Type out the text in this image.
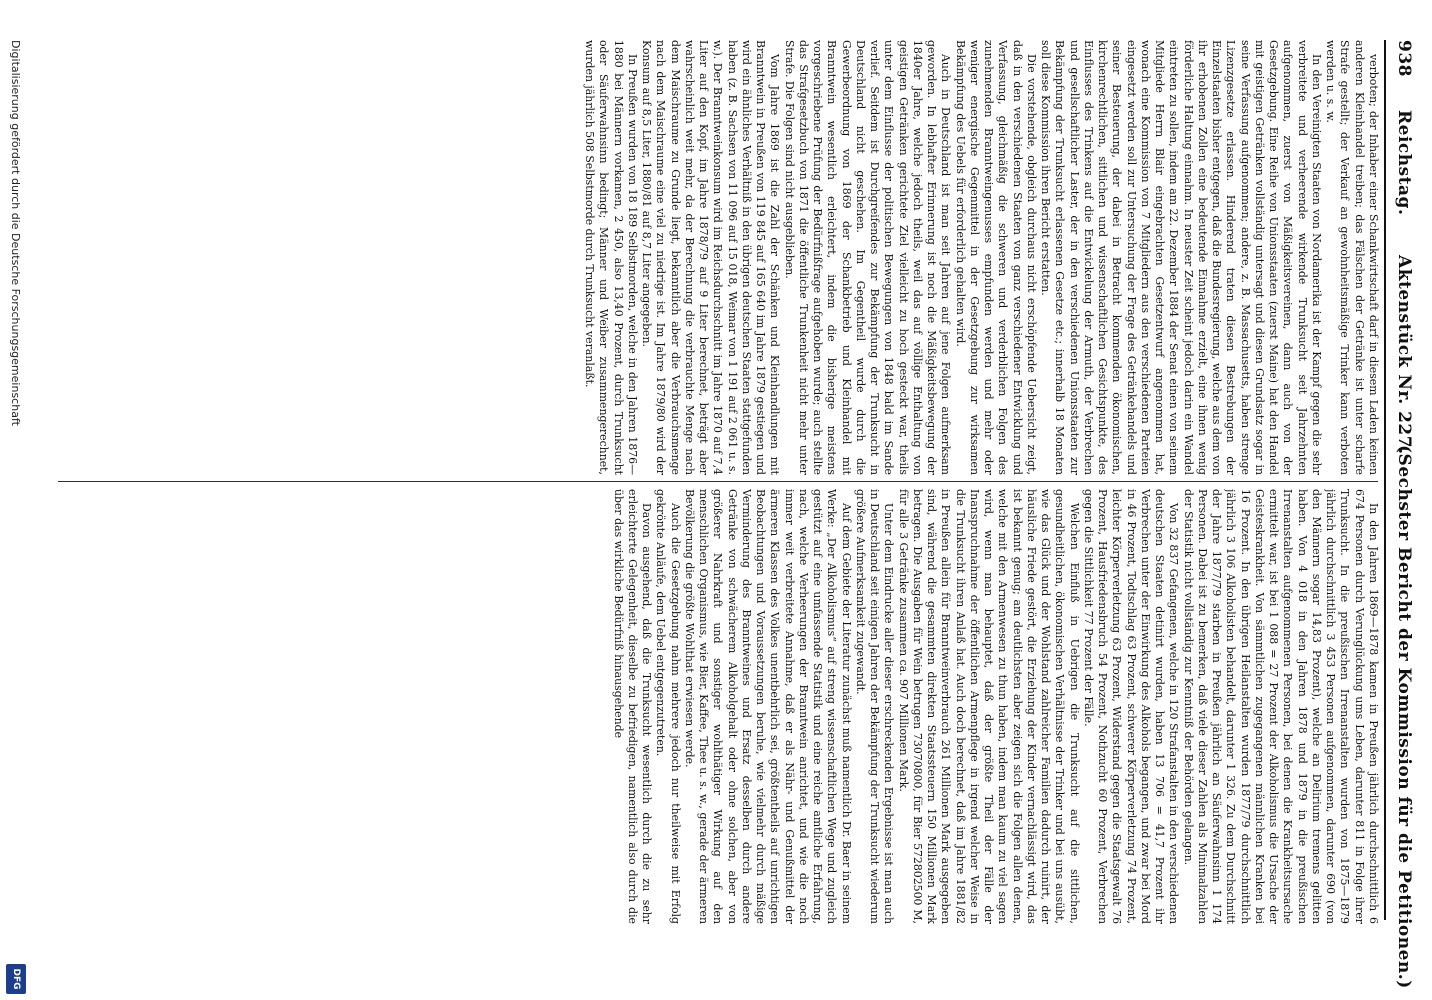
938
Reichstag.
Aktenstück Nr. 227.
(Sechster Bericht der Kommission für die Petitionen.)

verboten; der Inhaber einer Schankwirtschaft darf in diesem Laden keinen anderen Kleinhandel treiben; das Fälschen der Getränke ist unter scharfe Strafe gestellt; der Verkauf an gewohnheitsmäßige Trinker kann verboten werden u. s. w.

In den Vereinigten Staaten von Nordamerika ist der Kampf gegen die sehr verbreitete und verheerende wirkende Trunksucht seit Jahrzehnten aufgenommen, zuerst von Mäßigkeitsvereinen, dann auch von der Gesetzgebung. Eine Reihe von Unionsstaaten (zuerst Maine) hat den Handel mit geistigen Getränken vollständig untersagt und diesen Grundsatz sogar in seine Verfassung aufgenommen; andere, z. B. Massachusetts, haben strenge Lizenzgesetze erlassen. Hinderend traten diesen Bestrebungen der Einzelstaaten bisher entgegen, daß die Bundesregierung, welche aus dem von ihr erhobenen Zollen eine bedeutende Einnahme erzielt, eine ihnen wenig förderliche Haltung einnahm. In neuster Zeit scheint jedoch darin ein Wandel eintreten zu sollen, indem am 22. Dezember 1884 der Senat einen von seinem Mitgliede Herrn Blair eingebrachten Gesetzentwurf angenommen hat, wonach eine Kommission von 7 Mitgliedern aus den verschiedenen Parteien eingesetzt werden soll zur Untersuchung der Frage des Getränkehandels und seiner Besteuerung, der dabei in Betracht kommenden ökonomischen, kirchenrechtlichen, sittlichen und wissenschaftlichen Gesichtspunkte, des Einflusses des Trinkens auf die Entwickelung der Armuth, der Verbrechen und gesellschaftlicher Laster, der in den verschiedenen Unionsstaaten zur Bekämpfung der Trunksucht erlassenen Gesetze etc.; innerhalb 18 Monaten soll diese Kommission ihren Bericht erstatten.

Die vorstehende, obgleich durchaus nicht erschöpfende Uebersicht zeigt, daß in den verschiedenen Staaten von ganz verschiedener Entwicklung und Verfassung, gleichmäßig die schweren und verderblichen Folgen des zunehmenden Branntweingenusses empfunden werden und mehr oder weniger energische Gegenmittel in der Gesetzgebung zur wirksamen Bekämpfung des Uebels für erforderlich gehalten wird.

Auch in Deutschland ist man seit Jahren auf jene Folgen aufmerksam geworden. In lebhafter Erinnerung ist noch die Mäßigkeitsbewegung der 1840er Jahre, welche jedoch theils, weil das auf völlige Enthaltung von geistigen Getränken gerichtete Ziel vielleicht zu hoch gesteckt war, theils unter dem Einflusse der politischen Bewegungen von 1848 bald im Sande verlief. Seitdem ist Durchgreifendes zur Bekämpfung der Trunksucht in Deutschland nicht geschehen. Im Gegentheil wurde durch die Gewerbeordnung von 1869 der Schankbetrieb und Kleinhandel mit Branntwein wesentlich erleichtert, indem die bisherige meistens vorgeschriebene Prüfung der Bedürfnißfrage aufgehoben wurde; auch stellte das Strafgesetzbuch von 1871 die öffentliche Trunkenheit nicht mehr unter Strafe. Die Folgen sind nicht ausgeblieben.

Vom Jahre 1869 ist die Zahl der Schänken und Kleinhandlungen mit Branntwein in Preußen von 119 845 auf 165 640 im Jahre 1879 gestiegen und wird ein ähnliches Verhältniß in den übrigen deutschen Staaten stattgefunden haben (z. B. Sachsen von 11 096 auf 15 018, Weimar von 1 191 auf 2 061 u. s. w.). Der Branntweinkonsum wird im Reichsdurchschnitt im Jahre 1870 auf 7,4 Liter auf den Kopf, im Jahre 1878/79 auf 9 Liter berechnet, beträgt aber wahrscheinlich weit mehr, da der Berechnung die verbrauchte Menge nach dem Maischraume zu Grunde liegt, bekanntlich aber die Verbrauchsmenge nach dem Maischraume eine viel zu niedrige ist. Im Jahre 1879/80 wird der Konsum auf 8,5 Liter, 1880/81 auf 8,7 Liter angegeben.

In Preußen wurden von 18 189 Selbstmorden, welche in den Jahren 1876—1880 bei Männern vorkamen, 2 450, also 13,40 Prozent, durch Trunksucht oder Säuferwahnsinn bedingt; Männer und Weiber zusammengerechnet, wurden jährlich 508 Selbstmorde durch Trunksucht veranlaßt.

In den Jahren 1869—1878 kamen in Preußen jährlich durchschnittlich 6 674 Personen durch Verunglückung ums Leben, darunter 811 in Folge ihrer Trunksucht. In die preußischen Irrenanstalten wurden von 1875—1879 jährlich durchschnittlich 3 453 Personen aufgenommen, darunter 690 (von den Männern sogar 14,83 Prozent), welche an Delirium tremens gelitten haben. Von 4 018 in den Jahren 1878 und 1879 in die preußischen Irrenanstalten aufgenommenen Personen, bei denen die Krankheitsursache ermittelt war, ist bei 1 088 = 27 Prozent der Alkoholismus die Ursache der Geisteskrankheit. Von sämmtlichen zugegangenen männlichen Kranken bei 16 Prozent. In den übrigen Heilanstalten wurden 1877/79 durchschnittlich jährlich 3 106 Alkoholisten behandelt, darunter 1 326. Zu dem Durchschnitt der Jahre 1877/79 starben in Preußen jährlich an Säuferwahnsinn 1 174 Personen. Dabei ist zu bemerken, daß viele dieser Zahlen als Minimalzahlen der Statistik nicht vollständig zur Kenntniß der Behörden gelangen.

Von 32 837 Gefangenen, welche in 120 Strafanstalten in den verschiedenen deutschen Staaten detinirt wurden, haben 13 706 = 41,7 Prozent ihr Verbrechen unter der Einwirkung des Alkohols begangen, und zwar bei Mord in 46 Prozent, Todtschlag 63 Prozent, schwerer Körperverletzung 74 Prozent, leichter Körperverletzung 63 Prozent, Widerstand gegen die Staatsgewalt 76 Prozent, Hausfriedensbruch 54 Prozent, Nothzucht 60 Prozent, Verbrechen gegen die Sittlichkeit 77 Prozent der Fälle.

Welchen Einfluß in Uebrigen die Trunksucht auf die sittlichen, gesundheitlichen, ökonomischen Verhältnisse der Trinker und bei uns ausübt, wie das Glück und der Wohlstand zahlreicher Familien dadurch ruinirt, der häusliche Friede gestört, die Erziehung der Kinder vernachlässigt wird, das ist bekannt genug; am deutlichsten aber zeigen sich die Folgen allen denen, welche mit den Armenwesen zu thun haben, indem man kaum zu viel sagen wird, wenn man behauptet, daß der größte Theil der Fälle der Inanspruchnahme der öffentlichen Armenpflege in irgend welcher Weise in die Trunksucht ihren Anlaß hat. Auch doch berechnet, daß im Jahre 1881/82 in Preußen allein für Branntweinverbrauch 261 Millionen Mark ausgegeben sind, während die gesammten direkten Staatssteuern 150 Millionen Mark betragen. Die Ausgaben für Wein betrugen 73070800, für Bier 572802500 M, für alle 3 Getränke zusammen ca. 907 Millionen Mark.

Unter dem Eindrucke aller dieser erschreckenden Ergebnisse ist man auch in Deutschland seit einigen Jahren der Bekämpfung der Trunksucht wiederum größere Aufmerksamkeit zugewandt.

Auf dem Gebiete der Literatur zunächst muß namentlich Dr. Baer in seinem Werke: „Der Alkoholismus“ auf streng wissenschaftlichen Wege und zugleich gestützt auf eine umfassende Statistik und eine reiche amtliche Erfahrung, nach, welche Verheerungen der Branntwein anrichtet, und wie die noch immer weit verbreitete Annahme, daß er als Nähr- und Genußmittel der ärmeren Klassen des Volkes unentbehrlich sei, größtentheils auf unrichtigen Beobachtungen und Voraussetzungen beruhe, wie vielmehr durch mäßige Verminderung des Branntweines und Ersatz desselben durch andere Getränke von schwächerem Alkoholgehalt oder ohne solchen, aber von größerer Nahrkraft und sonstiger wohlthätiger Wirkung auf den menschlichen Organismus, wie Bier, Kaffee, Thee u. s. w., gerade der ärmeren Bevölkerung die größte Wohlthat erwiesen werde.

Auch die Gesetzgebung nahm mehrere jedoch nur theilweise mit Erfolg gekrönte Anläufe, dem Uebel entgegenzutreten.

Davon ausgehend, daß die Trunksucht wesentlich durch die zu sehr erleichterte Gelegenheit, dieselbe zu befriedigen, namentlich also durch die über das wirkliche Bedürfniß hinausgehende

Digitalisierung gefördert durch die Deutsche Forschungsgemeinschaft
DFG
